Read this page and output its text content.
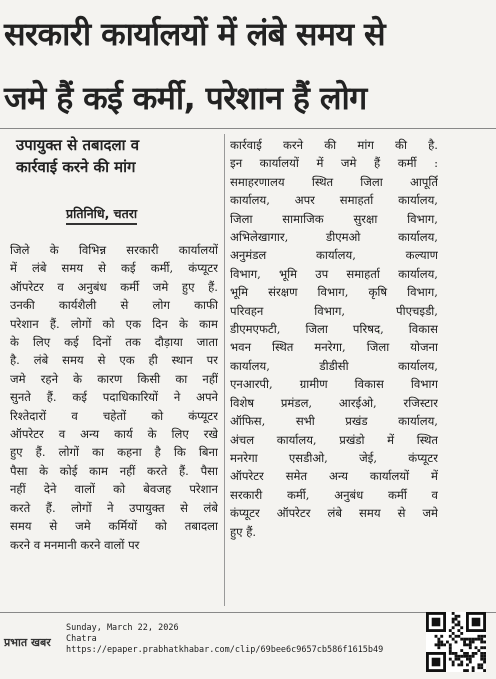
सरकारी कार्यालयों में लंबे समय से
जमे हैं कई कर्मी, परेशान हैं लोग
उपायुक्त से तबादला व
कार्रवाई करने की मांग
प्रतिनिधि, चतरा
जिले के विभिन्न सरकारी कार्यालयों
में लंबे समय से कई कर्मी, कंप्यूटर
ऑपरेटर व अनुबंध कर्मी जमे हुए हैं.
उनकी कार्यशैली से लोग काफी
परेशान हैं. लोगों को एक दिन के काम
के लिए कई दिनों तक दौड़ाया जाता
है. लंबे समय से एक ही स्थान पर
जमे रहने के कारण किसी का नहीं
सुनते हैं. कई पदाधिकारियों ने अपने
रिश्तेदारों व चहेतों को कंप्यूटर
ऑपरेटर व अन्य कार्य के लिए रखे
हुए हैं. लोगों का कहना है कि बिना
पैसा के कोई काम नहीं करते हैं. पैसा
नहीं देने वालों को बेवजह परेशान
करते हैं. लोगों ने उपायुक्त से लंबे
समय से जमे कर्मियों को तबादला
करने व मनमानी करने वालों पर
कार्रवाई करने की मांग की है.
इन कार्यालयों में जमे हैं कर्मी :
समाहरणालय स्थित जिला आपूर्ति
कार्यालय, अपर समाहर्ता कार्यालय,
जिला सामाजिक सुरक्षा विभाग,
अभिलेखागार, डीएमओ कार्यालय,
अनुमंडल कार्यालय, कल्याण
विभाग, भूमि उप समाहर्ता कार्यालय,
भूमि संरक्षण विभाग, कृषि विभाग,
परिवहन विभाग, पीएचइडी,
डीएमएफटी, जिला परिषद, विकास
भवन स्थित मनरेगा, जिला योजना
कार्यालय, डीडीसी कार्यालय,
एनआरपी, ग्रामीण विकास विभाग
विशेष प्रमंडल, आरईओ, रजिस्टार
ऑफिस, सभी प्रखंड कार्यालय,
अंचल कार्यालय, प्रखंडो में स्थित
मनरेगा एसडीओ, जेई, कंप्यूटर
ऑपरेटर समेत अन्य कार्यालयों में
सरकारी कर्मी, अनुबंध कर्मी व
कंप्यूटर ऑपरेटर लंबे समय से जमे
हुए हैं.
प्रभात खबर
Sunday, March 22, 2026
Chatra
https://epaper.prabhatkhabar.com/clip/69bee6c9657cb586f1615b49
